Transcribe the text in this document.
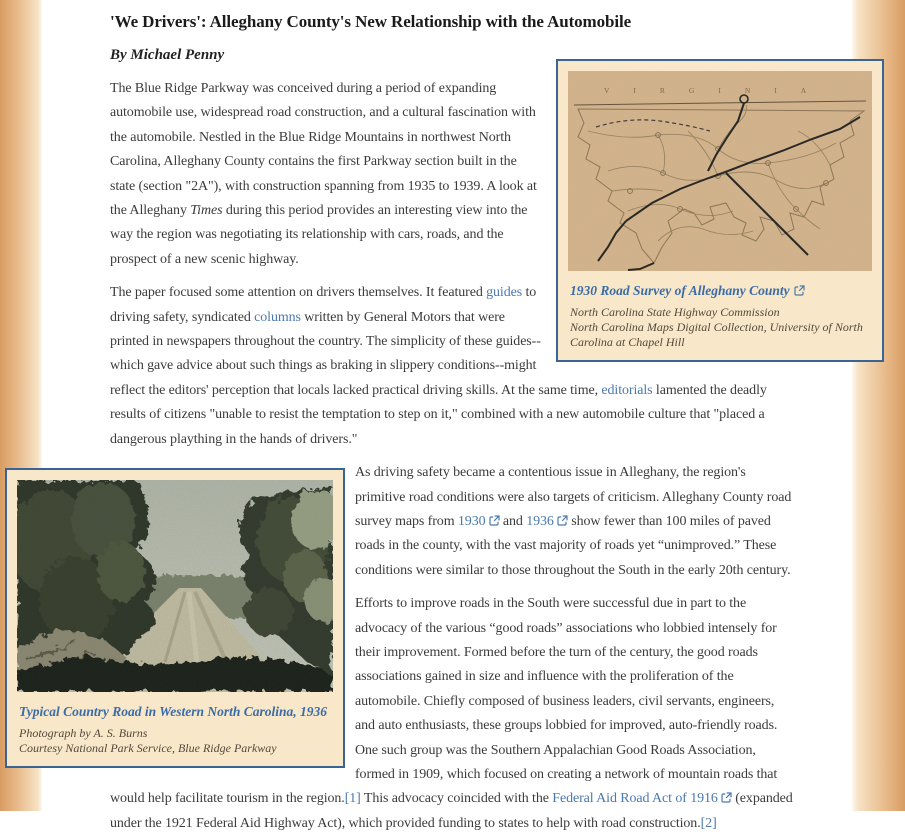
'We Drivers': Alleghany County's New Relationship with the Automobile
By Michael Penny
VIRGINIA
1930 Road Survey of Alleghany County
North Carolina State Highway Commission
North Carolina Maps Digital Collection, University of North Carolina at Chapel Hill

The Blue Ridge Parkway was conceived during a period of expanding automobile use, widespread road construction, and a cultural fascination with the automobile. Nestled in the Blue Ridge Mountains in northwest North Carolina, Alleghany County contains the first Parkway section built in the state (section "2A"), with construction spanning from 1935 to 1939. A look at the Alleghany Times during this period provides an interesting view into the way the region was negotiating its relationship with cars, roads, and the prospect of a new scenic highway.

The paper focused some attention on drivers themselves. It featured guides to driving safety, syndicated columns written by General Motors that were printed in newspapers throughout the country. The simplicity of these guides--which gave advice about such things as braking in slippery conditions--might reflect the editors' perception that locals lacked practical driving skills. At the same time, editorials lamented the deadly results of citizens "unable to resist the temptation to step on it," combined with a new automobile culture that "placed a dangerous plaything in the hands of drivers."

Typical Country Road in Western North Carolina, 1936
Photograph by A. S. Burns
Courtesy National Park Service, Blue Ridge Parkway

As driving safety became a contentious issue in Alleghany, the region's primitive road conditions were also targets of criticism. Alleghany County road survey maps from 1930 and 1936 show fewer than 100 miles of paved roads in the county, with the vast majority of roads yet “unimproved.” These conditions were similar to those throughout the South in the early 20th century.

Efforts to improve roads in the South were successful due in part to the advocacy of the various “good roads” associations who lobbied intensely for their improvement. Formed before the turn of the century, the good roads associations gained in size and influence with the proliferation of the automobile. Chiefly composed of business leaders, civil servants, engineers, and auto enthusiasts, these groups lobbied for improved, auto-friendly roads. One such group was the Southern Appalachian Good Roads Association, formed in 1909, which focused on creating a network of mountain roads that would help facilitate tourism in the region.[1] This advocacy coincided with the Federal Aid Road Act of 1916 (expanded under the 1921 Federal Aid Highway Act), which provided funding to states to help with road construction.[2]
